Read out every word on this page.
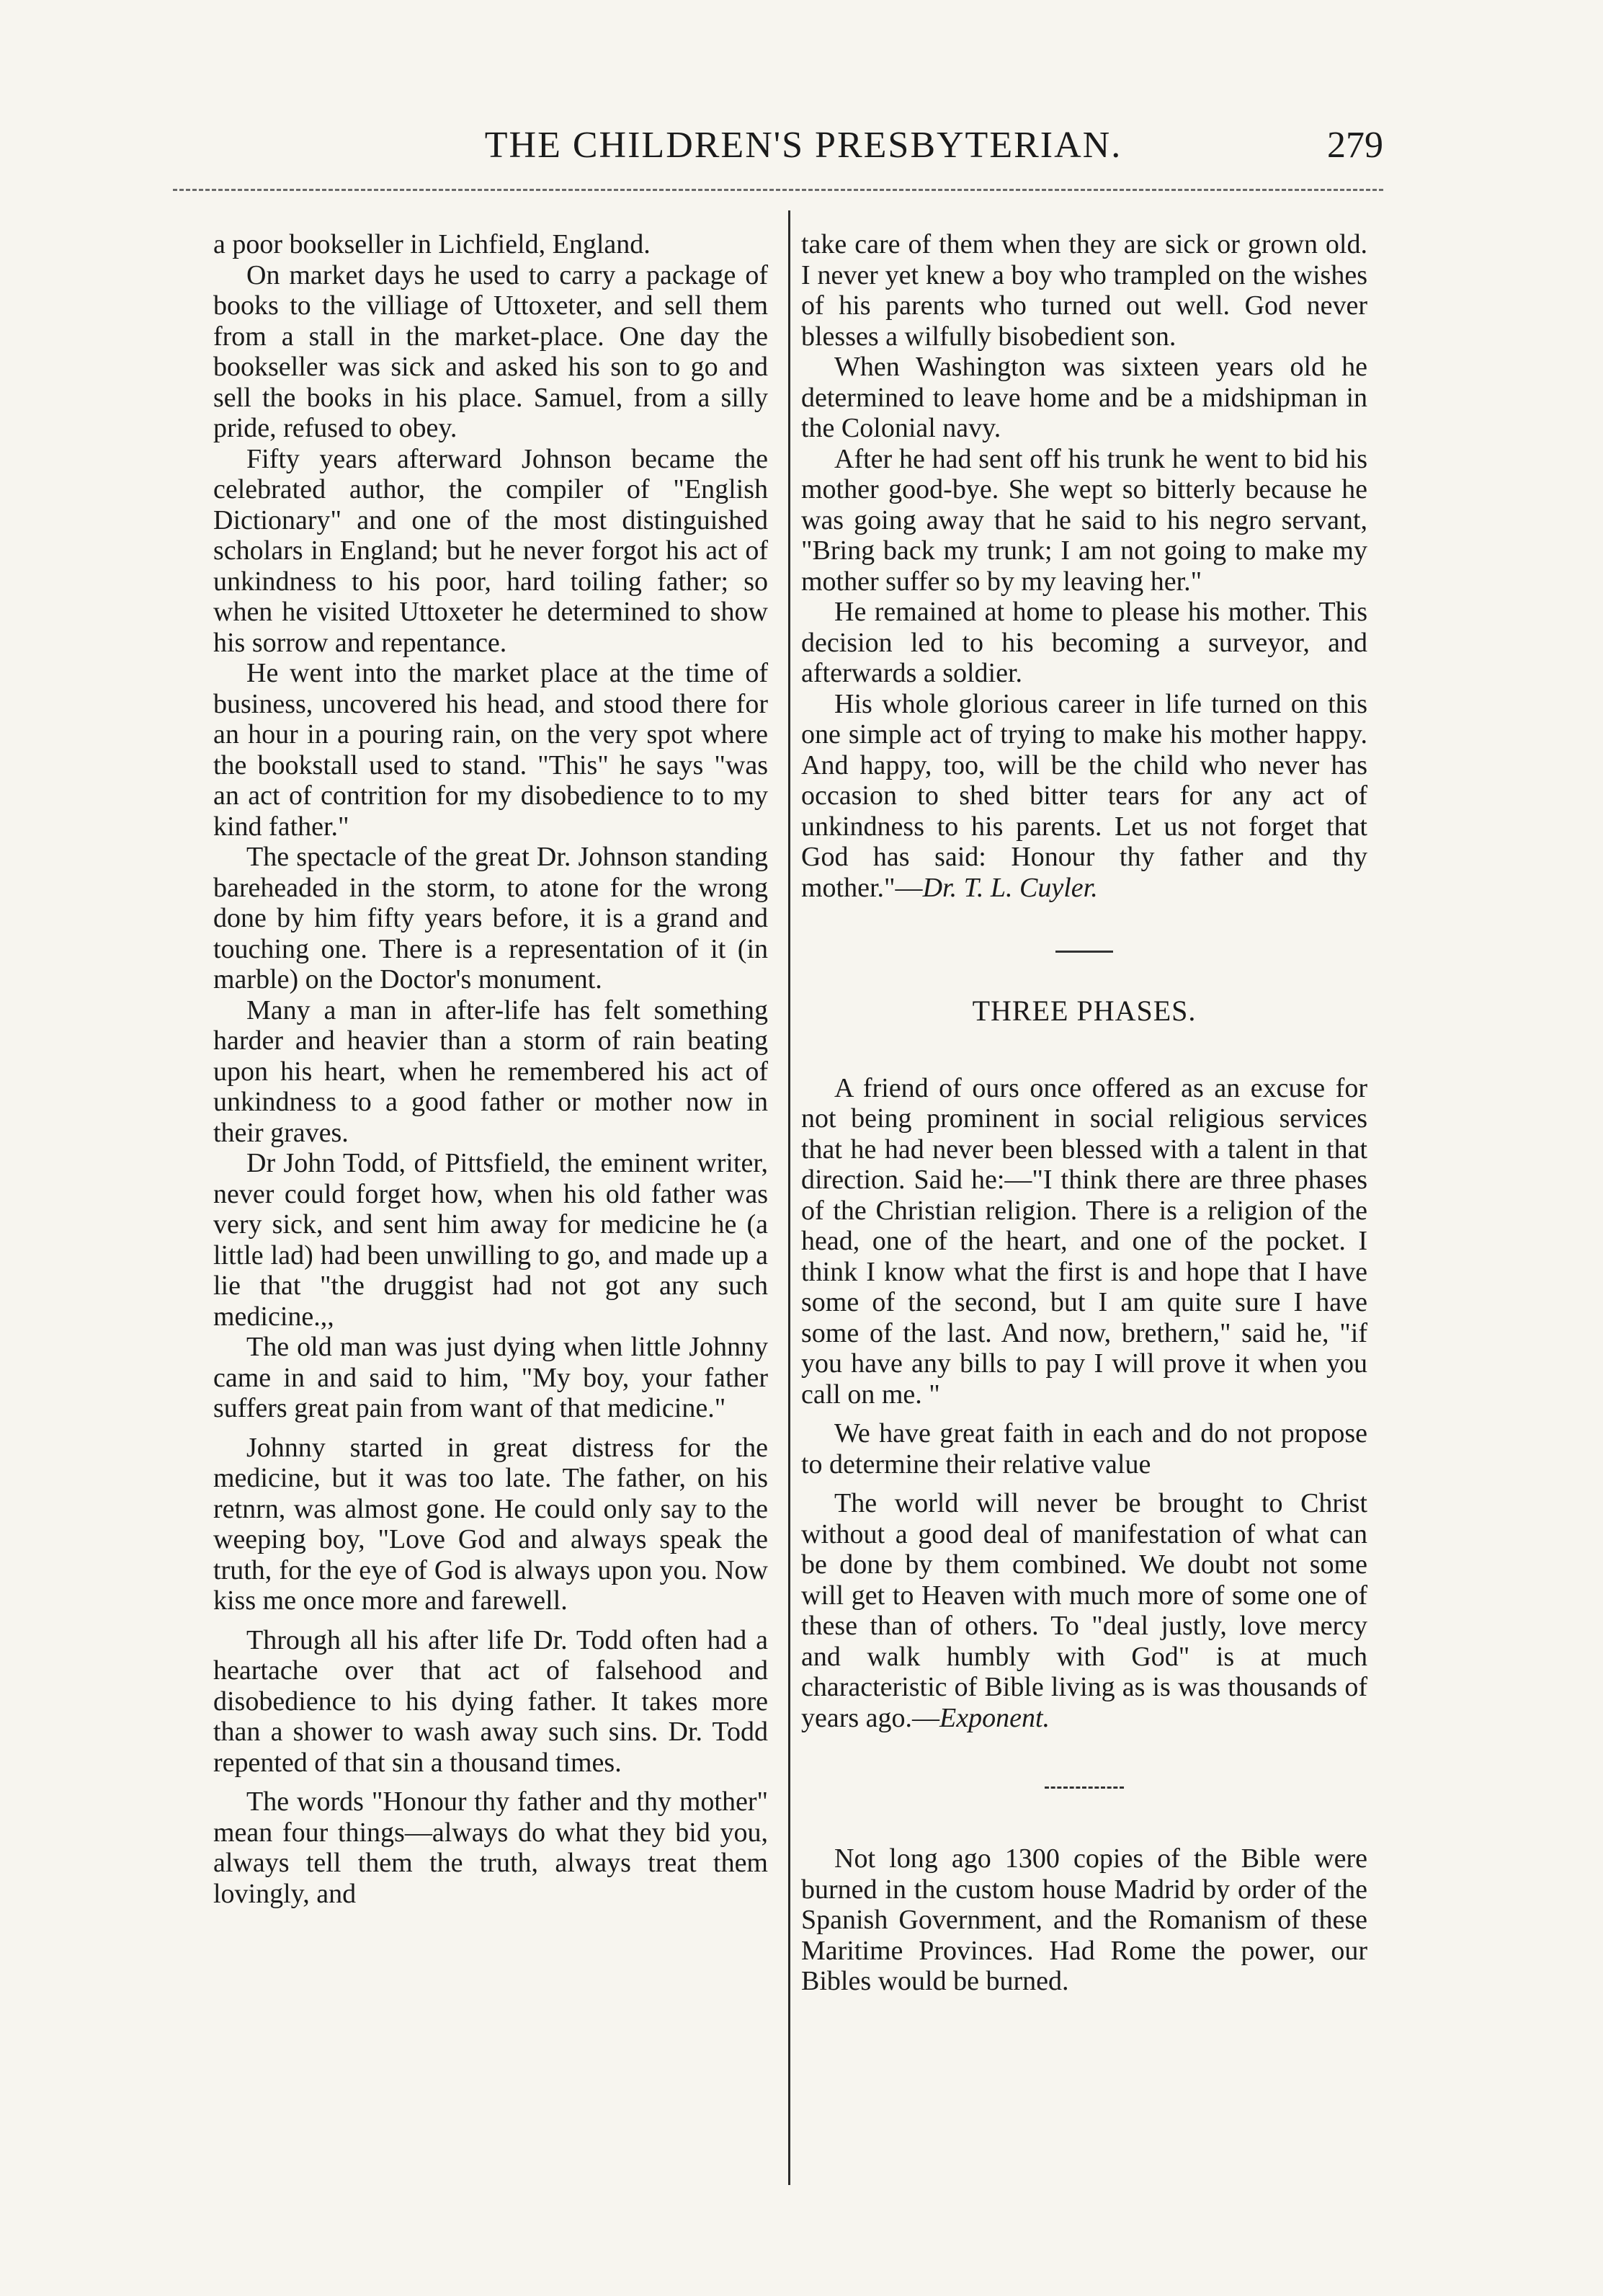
THE CHILDREN'S PRESBYTERIAN.	279

a poor bookseller in Lichfield, England.

On market days he used to carry a package of books to the villiage of Uttoxeter, and sell them from a stall in the market-place. One day the bookseller was sick and asked his son to go and sell the books in his place. Samuel, from a silly pride, refused to obey.

Fifty years afterward Johnson became the celebrated author, the compiler of "English Dictionary" and one of the most distinguished scholars in England; but he never forgot his act of unkindness to his poor, hard toiling father; so when he visited Uttoxeter he determined to show his sorrow and repentance.

He went into the market place at the time of business, uncovered his head, and stood there for an hour in a pouring rain, on the very spot where the bookstall used to stand. "This" he says "was an act of contrition for my disobedience to to my kind father."

The spectacle of the great Dr. Johnson standing bareheaded in the storm, to atone for the wrong done by him fifty years before, it is a grand and touching one. There is a representation of it (in marble) on the Doctor's monument.

Many a man in after-life has felt something harder and heavier than a storm of rain beating upon his heart, when he remembered his act of unkindness to a good father or mother now in their graves.

Dr John Todd, of Pittsfield, the eminent writer, never could forget how, when his old father was very sick, and sent him away for medicine he (a little lad) had been unwilling to go, and made up a lie that "the druggist had not got any such medicine.,,

The old man was just dying when little Johnny came in and said to him, "My boy, your father suffers great pain from want of that medicine."

Johnny started in great distress for the medicine, but it was too late. The father, on his retnrn, was almost gone. He could only say to the weeping boy, "Love God and always speak the truth, for the eye of God is always upon you. Now kiss me once more and farewell.

Through all his after life Dr. Todd often had a heartache over that act of falsehood and disobedience to his dying father. It takes more than a shower to wash away such sins. Dr. Todd repented of that sin a thousand times.

The words "Honour thy father and thy mother" mean four things—always do what they bid you, always tell them the truth, always treat them lovingly, and

take care of them when they are sick or grown old. I never yet knew a boy who trampled on the wishes of his parents who turned out well. God never blesses a wilfully bisobedient son.

When Washington was sixteen years old he determined to leave home and be a midshipman in the Colonial navy.

After he had sent off his trunk he went to bid his mother good-bye. She wept so bitterly because he was going away that he said to his negro servant, "Bring back my trunk; I am not going to make my mother suffer so by my leaving her."

He remained at home to please his mother. This decision led to his becoming a surveyor, and afterwards a soldier.

His whole glorious career in life turned on this one simple act of trying to make his mother happy. And happy, too, will be the child who never has occasion to shed bitter tears for any act of unkindness to his parents. Let us not forget that God has said: Honour thy father and thy mother."—Dr. T. L. Cuyler.

THREE PHASES.

A friend of ours once offered as an excuse for not being prominent in social religious services that he had never been blessed with a talent in that direction. Said he:—"I think there are three phases of the Christian religion. There is a religion of the head, one of the heart, and one of the pocket. I think I know what the first is and hope that I have some of the second, but I am quite sure I have some of the last. And now, brethern," said he, "if you have any bills to pay I will prove it when you call on me. "

We have great faith in each and do not propose to determine their relative value

The world will never be brought to Christ without a good deal of manifestation of what can be done by them combined. We doubt not some will get to Heaven with much more of some one of these than of others. To "deal justly, love mercy and walk humbly with God" is at much characteristic of Bible living as is was thousands of years ago.—Exponent.

Not long ago 1300 copies of the Bible were burned in the custom house Madrid by order of the Spanish Government, and the Romanism of these Maritime Provinces. Had Rome the power, our Bibles would be burned.
